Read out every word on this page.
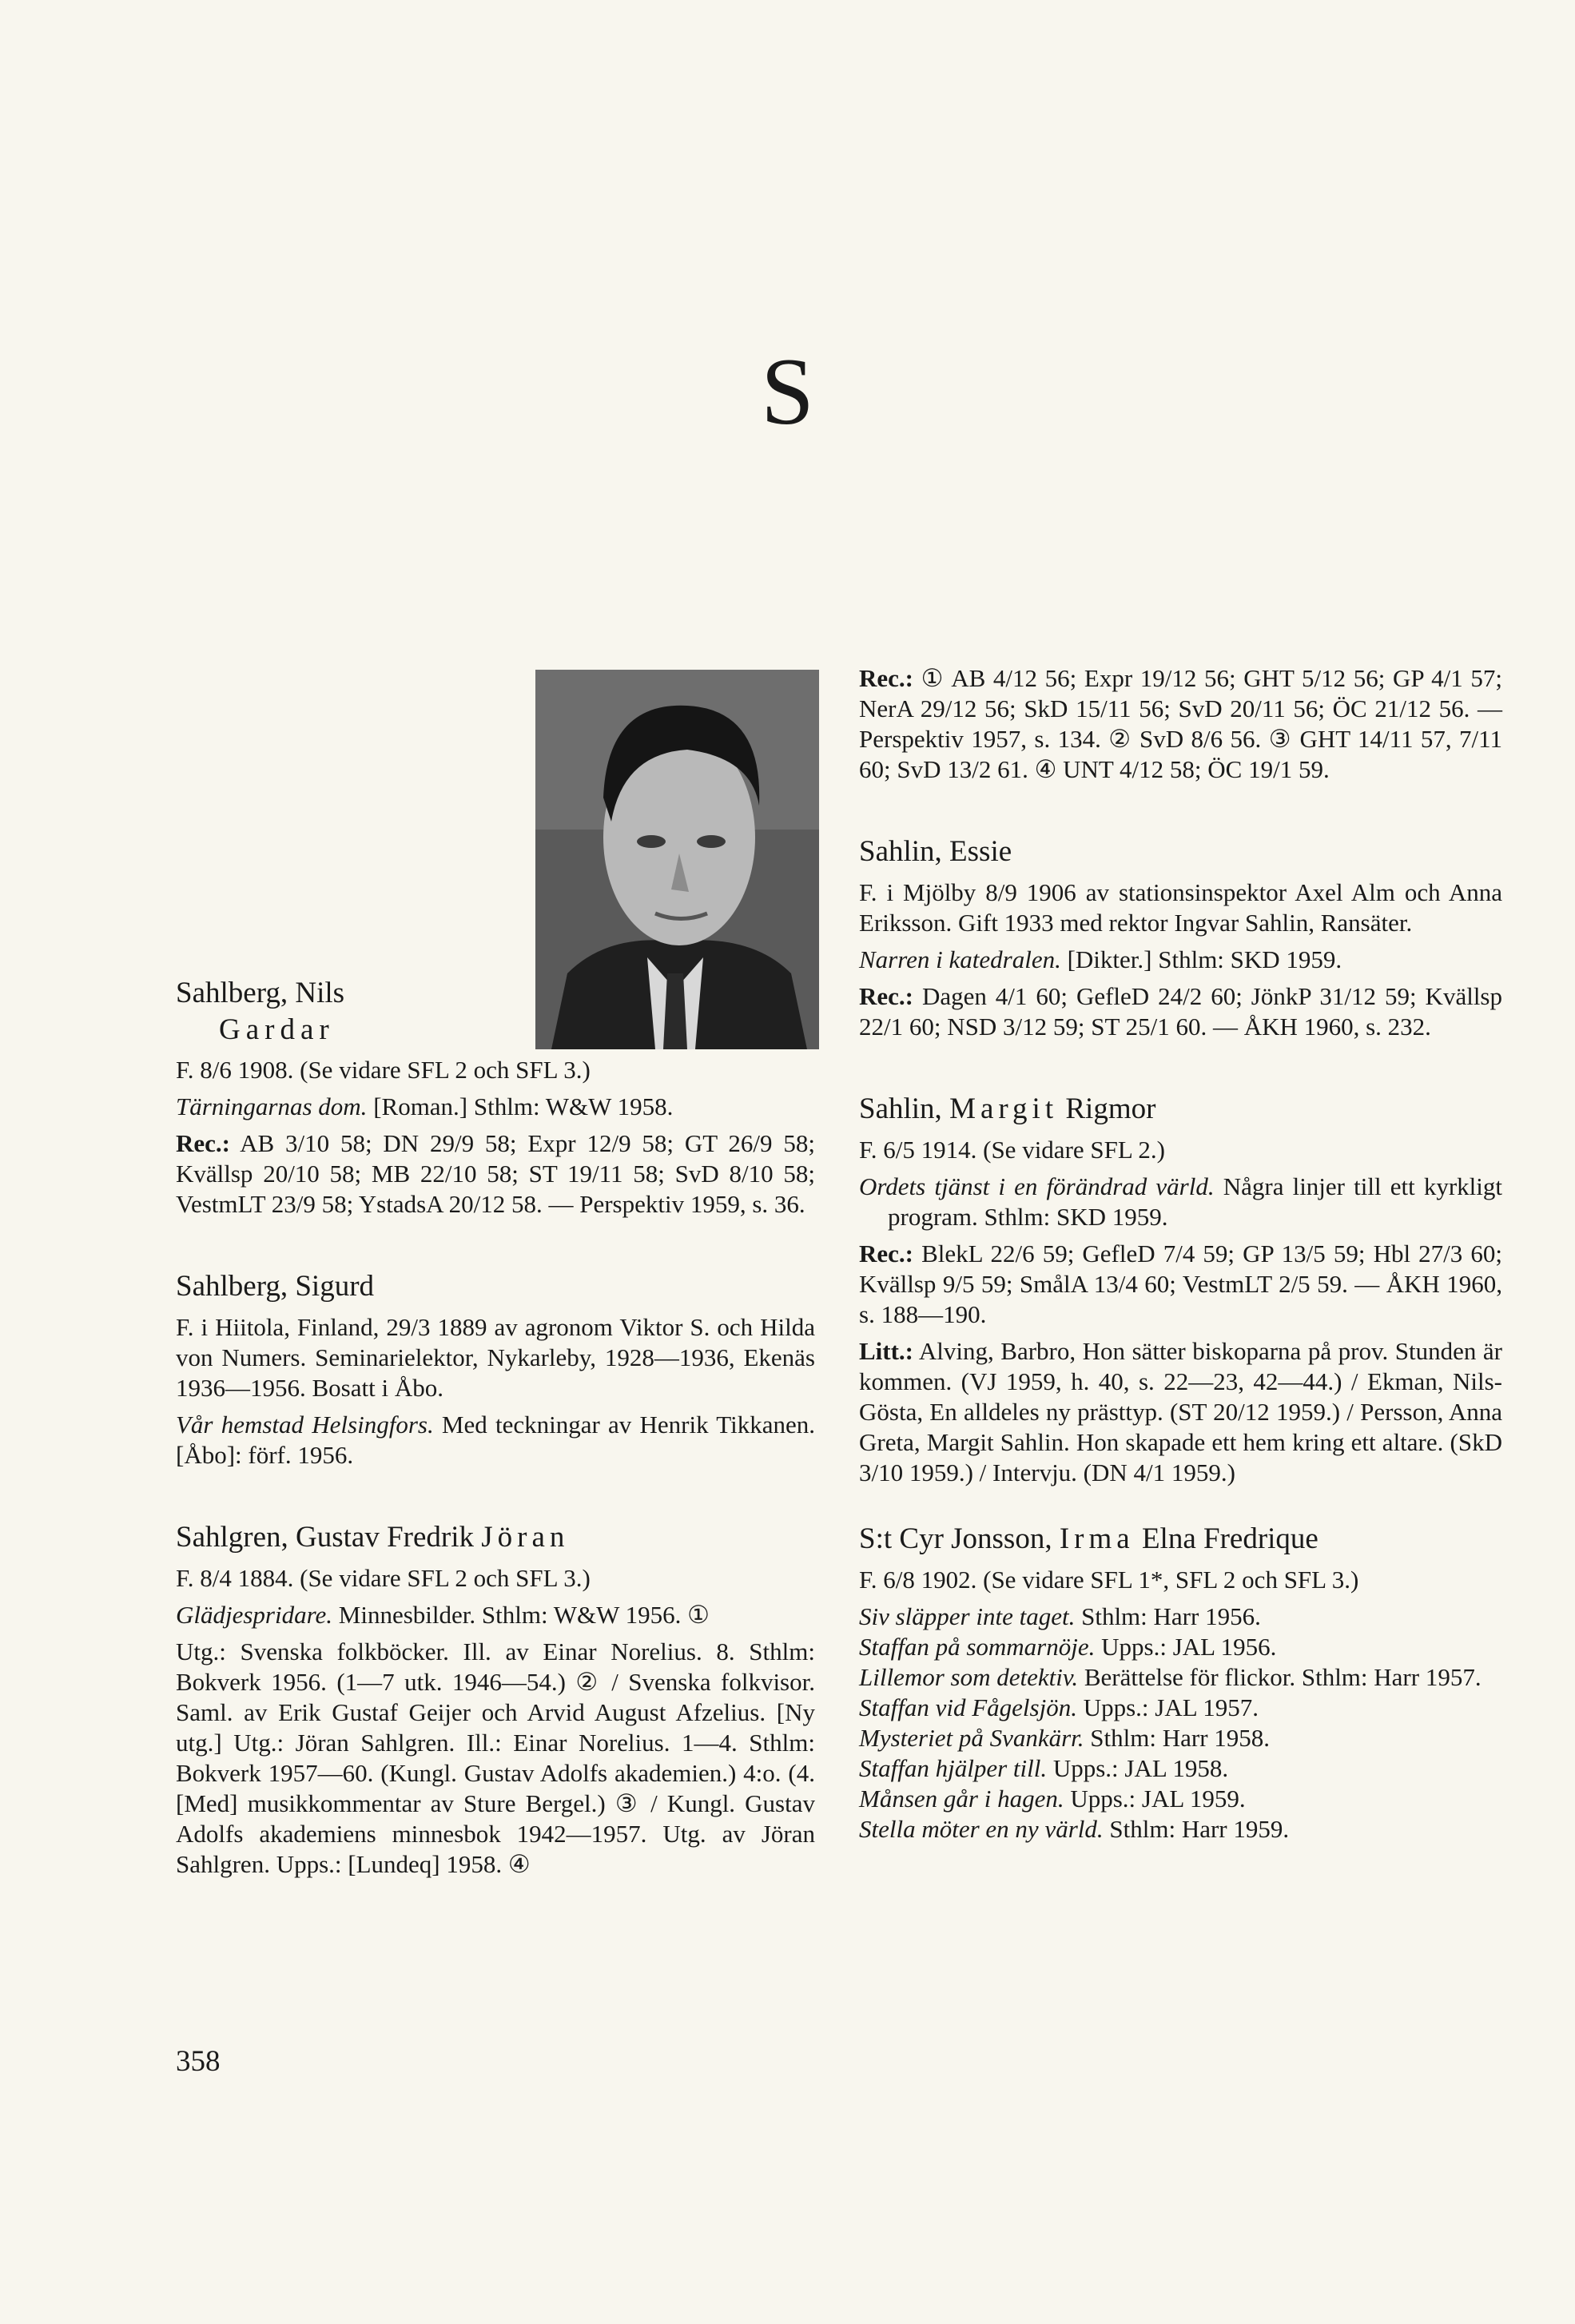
S
Sahlberg, Nils
Gardar

F. 8/6 1908. (Se vidare SFL 2 och SFL 3.)

Tärningarnas dom. [Roman.] Sthlm: W&W 1958.

Rec.: AB 3/10 58; DN 29/9 58; Expr 12/9 58; GT 26/9 58; Kvällsp 20/10 58; MB 22/10 58; ST 19/11 58; SvD 8/10 58; VestmLT 23/9 58; YstadsA 20/12 58. — Perspektiv 1959, s. 36.

Sahlberg, Sigurd

F. i Hiitola, Finland, 29/3 1889 av agronom Viktor S. och Hilda von Numers. Seminarielektor, Nykarleby, 1928—1936, Ekenäs 1936—1956. Bosatt i Åbo.

Vår hemstad Helsingfors. Med teckningar av Henrik Tikkanen. [Åbo]: förf. 1956.

Sahlgren, Gustav Fredrik Jöran

F. 8/4 1884. (Se vidare SFL 2 och SFL 3.)

Glädjespridare. Minnesbilder. Sthlm: W&W 1956. ①

Utg.: Svenska folkböcker. Ill. av Einar Norelius. 8. Sthlm: Bokverk 1956. (1—7 utk. 1946—54.) ② / Svenska folkvisor. Saml. av Erik Gustaf Geijer och Arvid August Afzelius. [Ny utg.] Utg.: Jöran Sahlgren. Ill.: Einar Norelius. 1—4. Sthlm: Bokverk 1957—60. (Kungl. Gustav Adolfs akademien.) 4:o. (4. [Med] musikkommentar av Sture Bergel.) ③ / Kungl. Gustav Adolfs akademiens minnesbok 1942—1957. Utg. av Jöran Sahlgren. Upps.: [Lundeq] 1958. ④

358

Rec.: ① AB 4/12 56; Expr 19/12 56; GHT 5/12 56; GP 4/1 57; NerA 29/12 56; SkD 15/11 56; SvD 20/11 56; ÖC 21/12 56. — Perspektiv 1957, s. 134. ② SvD 8/6 56. ③ GHT 14/11 57, 7/11 60; SvD 13/2 61. ④ UNT 4/12 58; ÖC 19/1 59.

Sahlin, Essie

F. i Mjölby 8/9 1906 av stationsinspektor Axel Alm och Anna Eriksson. Gift 1933 med rektor Ingvar Sahlin, Ransäter.

Narren i katedralen. [Dikter.] Sthlm: SKD 1959.

Rec.: Dagen 4/1 60; GefleD 24/2 60; JönkP 31/12 59; Kvällsp 22/1 60; NSD 3/12 59; ST 25/1 60. — ÅKH 1960, s. 232.

Sahlin, Margit Rigmor

F. 6/5 1914. (Se vidare SFL 2.)

Ordets tjänst i en förändrad värld. Några linjer till ett kyrkligt program. Sthlm: SKD 1959.

Rec.: BlekL 22/6 59; GefleD 7/4 59; GP 13/5 59; Hbl 27/3 60; Kvällsp 9/5 59; SmålA 13/4 60; VestmLT 2/5 59. — ÅKH 1960, s. 188—190.

Litt.: Alving, Barbro, Hon sätter biskoparna på prov. Stunden är kommen. (VJ 1959, h. 40, s. 22—23, 42—44.) / Ekman, Nils-Gösta, En alldeles ny prästtyp. (ST 20/12 1959.) / Persson, Anna Greta, Margit Sahlin. Hon skapade ett hem kring ett altare. (SkD 3/10 1959.) / Intervju. (DN 4/1 1959.)

S:t Cyr Jonsson, Irma Elna Fredrique

F. 6/8 1902. (Se vidare SFL 1*, SFL 2 och SFL 3.)

Siv släpper inte taget. Sthlm: Harr 1956.

Staffan på sommarnöje. Upps.: JAL 1956.

Lillemor som detektiv. Berättelse för flickor. Sthlm: Harr 1957.

Staffan vid Fågelsjön. Upps.: JAL 1957.

Mysteriet på Svankärr. Sthlm: Harr 1958.

Staffan hjälper till. Upps.: JAL 1958.

Månsen går i hagen. Upps.: JAL 1959.

Stella möter en ny värld. Sthlm: Harr 1959.
